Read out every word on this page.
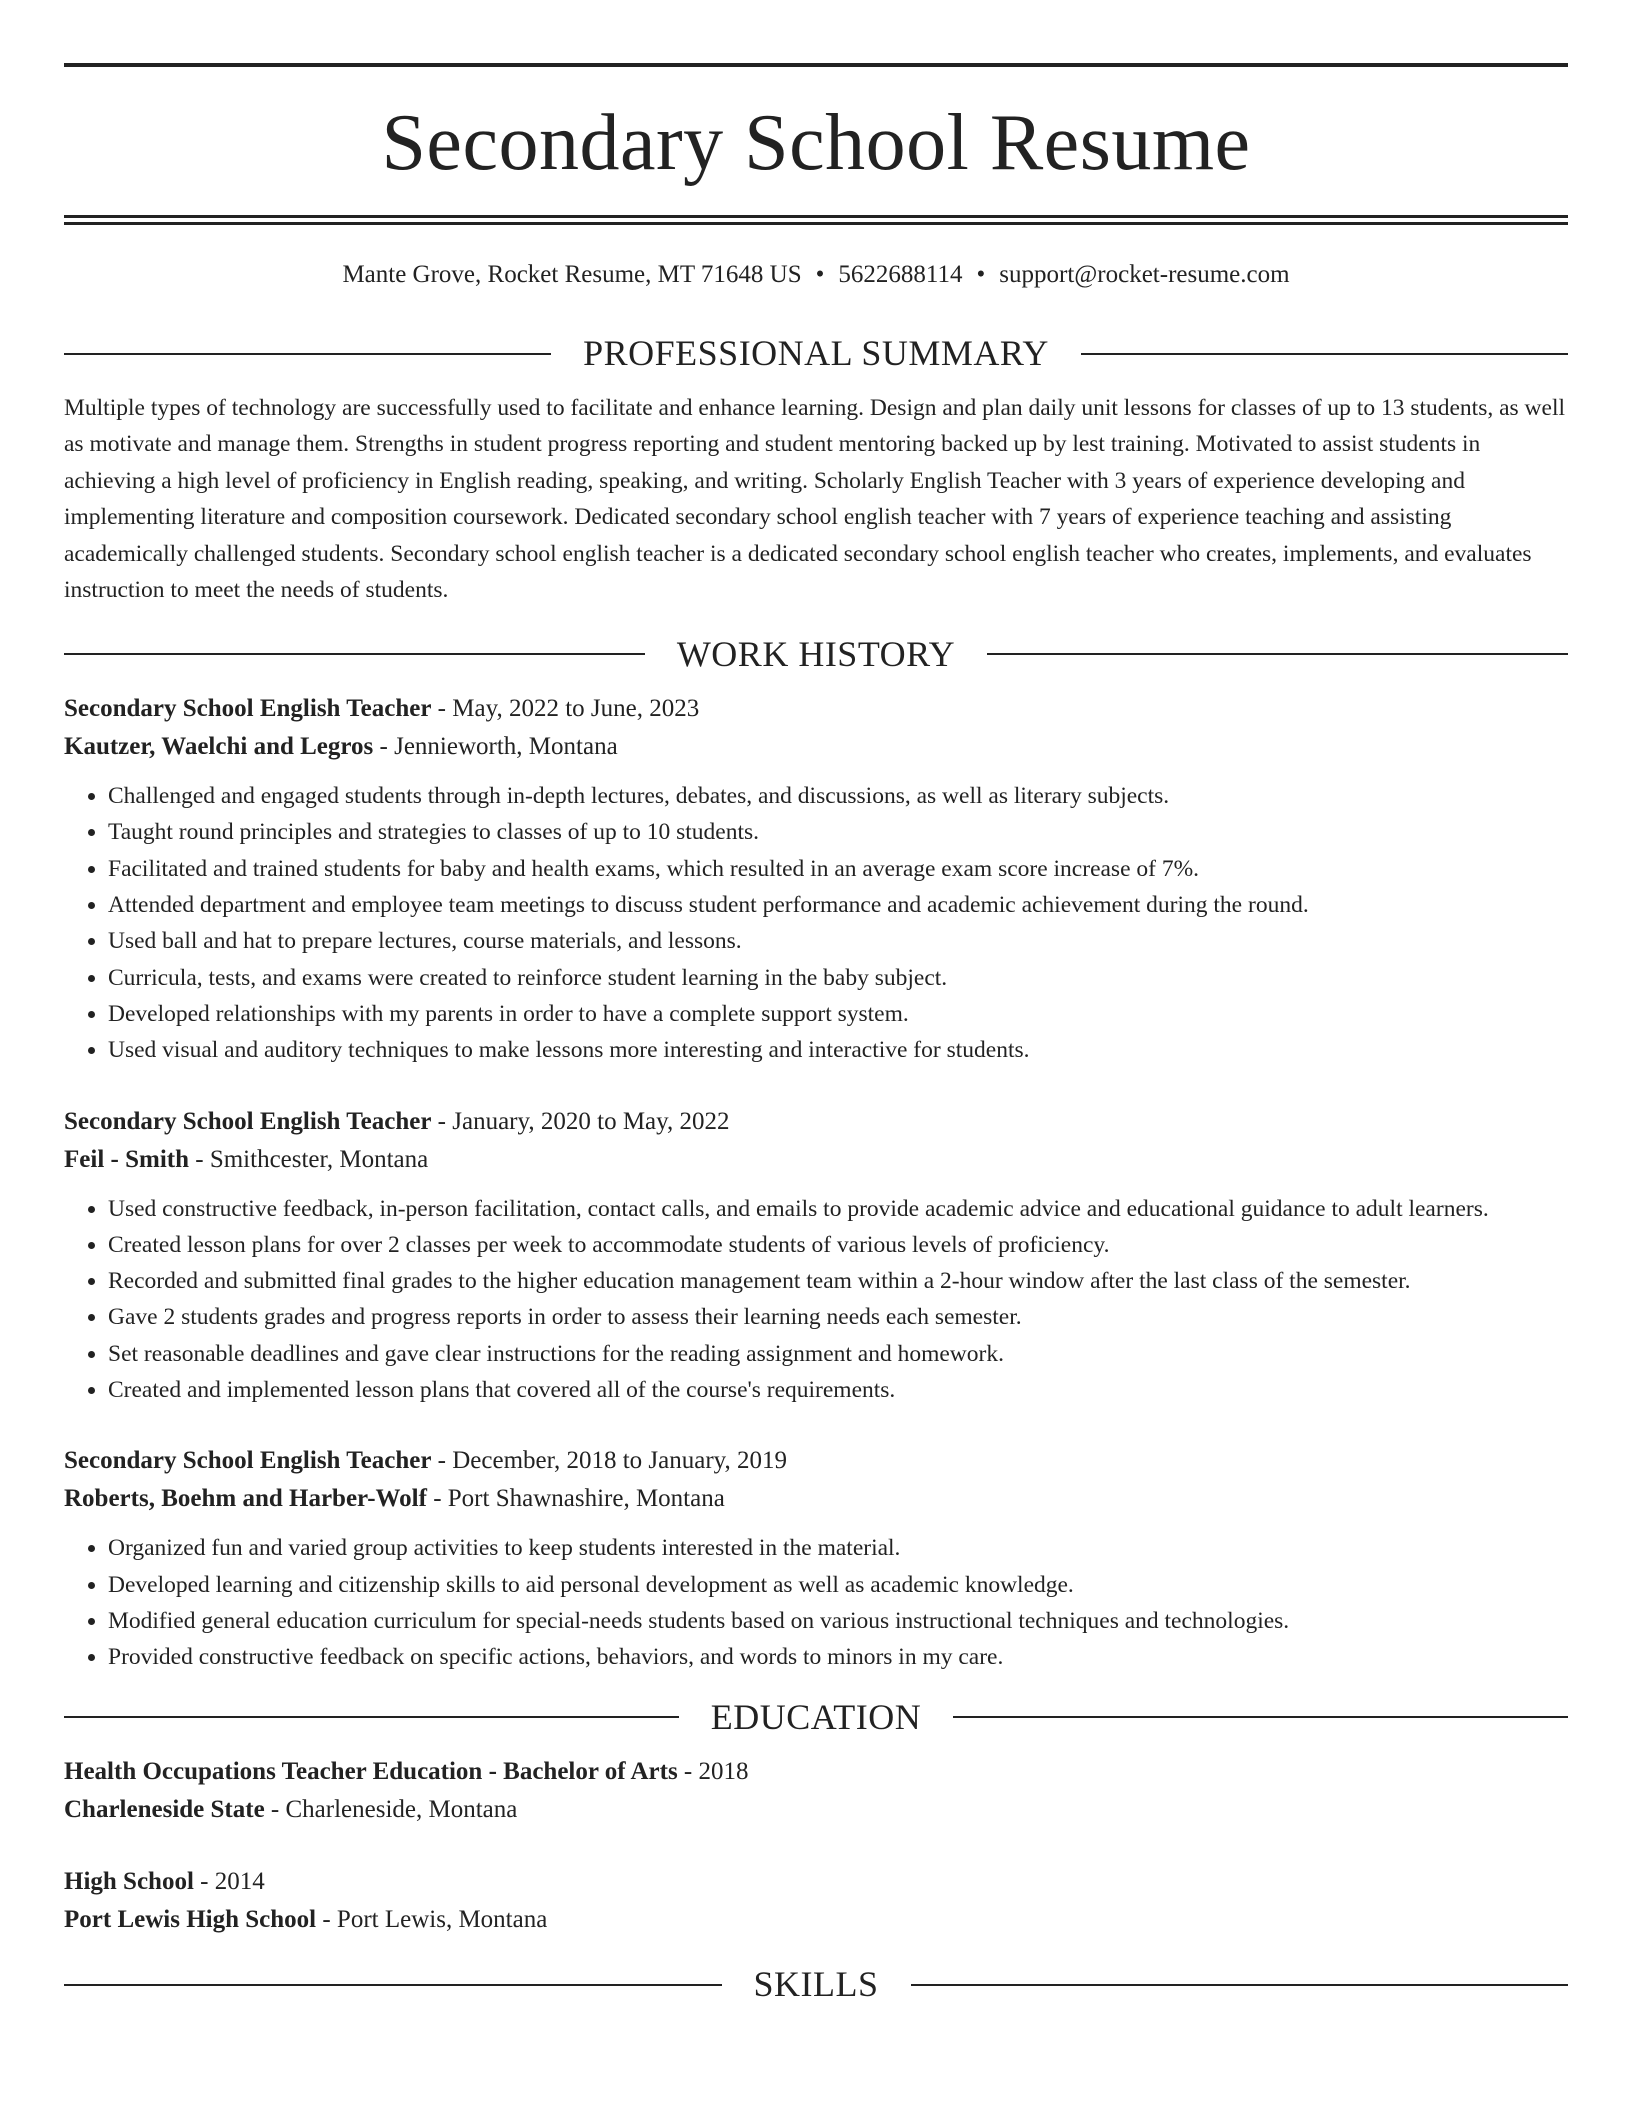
Secondary School Resume
Mante Grove, Rocket Resume, MT 71648 US • 5622688114 • support@rocket-resume.com
PROFESSIONAL SUMMARY

Multiple types of technology are successfully used to facilitate and enhance learning. Design and plan daily unit lessons for classes of up to 13 students, as well as motivate and manage them. Strengths in student progress reporting and student mentoring backed up by lest training. Motivated to assist students in achieving a high level of proficiency in English reading, speaking, and writing. Scholarly English Teacher with 3 years of experience developing and implementing literature and composition coursework. Dedicated secondary school english teacher with 7 years of experience teaching and assisting academically challenged students. Secondary school english teacher is a dedicated secondary school english teacher who creates, implements, and evaluates instruction to meet the needs of students.

WORK HISTORY
Secondary School English Teacher - May, 2022 to June, 2023
Kautzer, Waelchi and Legros - Jennieworth, Montana
• Challenged and engaged students through in-depth lectures, debates, and discussions, as well as literary subjects.
• Taught round principles and strategies to classes of up to 10 students.
• Facilitated and trained students for baby and health exams, which resulted in an average exam score increase of 7%.
• Attended department and employee team meetings to discuss student performance and academic achievement during the round.
• Used ball and hat to prepare lectures, course materials, and lessons.
• Curricula, tests, and exams were created to reinforce student learning in the baby subject.
• Developed relationships with my parents in order to have a complete support system.
• Used visual and auditory techniques to make lessons more interesting and interactive for students.
Secondary School English Teacher - January, 2020 to May, 2022
Feil - Smith - Smithcester, Montana
• Used constructive feedback, in-person facilitation, contact calls, and emails to provide academic advice and educational guidance to adult learners.
• Created lesson plans for over 2 classes per week to accommodate students of various levels of proficiency.
• Recorded and submitted final grades to the higher education management team within a 2-hour window after the last class of the semester.
• Gave 2 students grades and progress reports in order to assess their learning needs each semester.
• Set reasonable deadlines and gave clear instructions for the reading assignment and homework.
• Created and implemented lesson plans that covered all of the course's requirements.
Secondary School English Teacher - December, 2018 to January, 2019
Roberts, Boehm and Harber-Wolf - Port Shawnashire, Montana
• Organized fun and varied group activities to keep students interested in the material.
• Developed learning and citizenship skills to aid personal development as well as academic knowledge.
• Modified general education curriculum for special-needs students based on various instructional techniques and technologies.
• Provided constructive feedback on specific actions, behaviors, and words to minors in my care.
EDUCATION
Health Occupations Teacher Education - Bachelor of Arts - 2018
Charleneside State - Charleneside, Montana
High School - 2014
Port Lewis High School - Port Lewis, Montana
SKILLS
